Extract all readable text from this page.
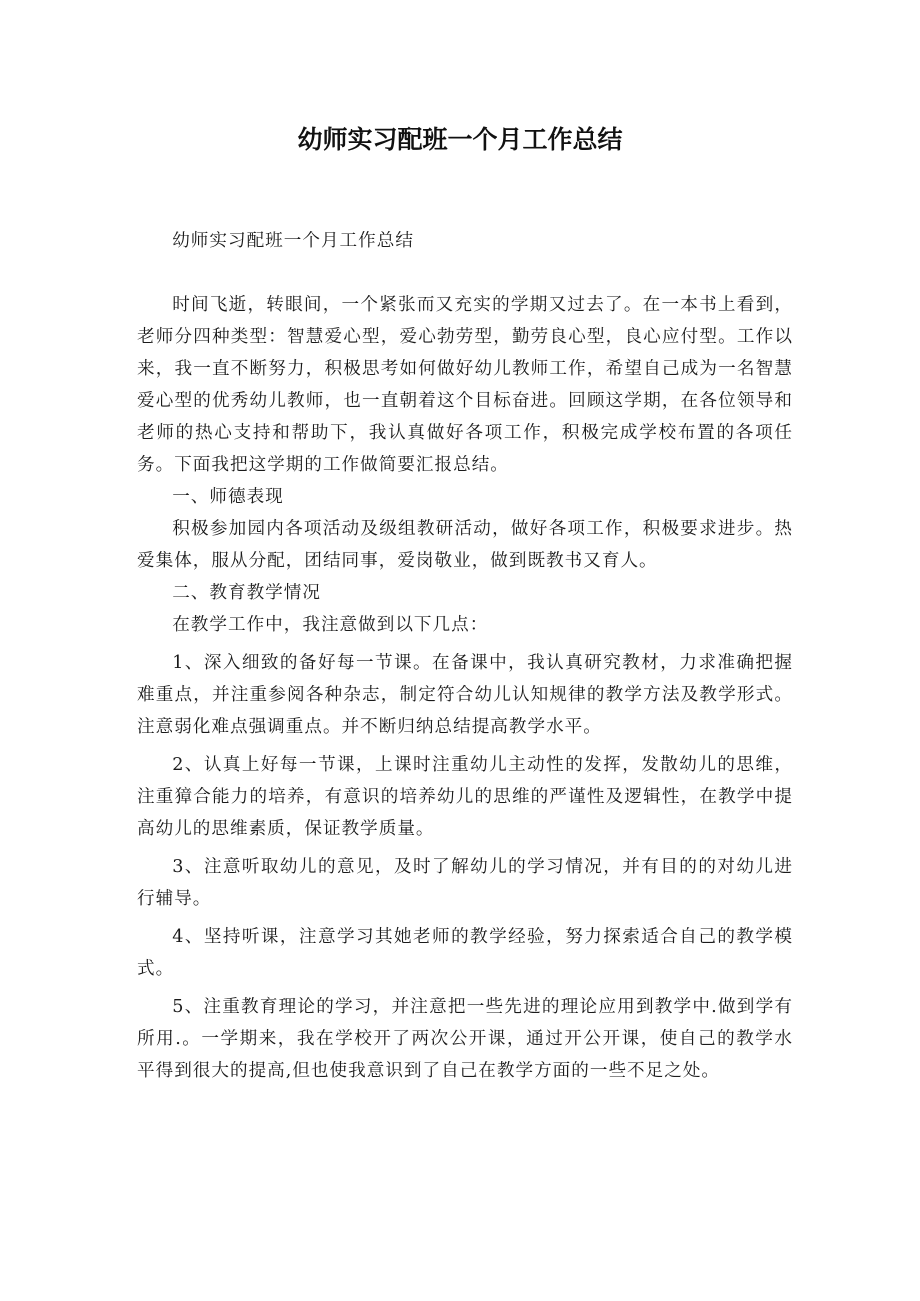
幼师实习配班一个月工作总结

幼师实习配班一个月工作总结

时间飞逝，转眼间，一个紧张而又充实的学期又过去了。在一本书上看到，老师分四种类型：智慧爱心型，爱心勃劳型，勤劳良心型，良心应付型。工作以来，我一直不断努力，积极思考如何做好幼儿教师工作，希望自己成为一名智慧爱心型的优秀幼儿教师，也一直朝着这个目标奋进。回顾这学期，在各位领导和老师的热心支持和帮助下，我认真做好各项工作，积极完成学校布置的各项任务。下面我把这学期的工作做简要汇报总结。

一、师德表现

积极参加园内各项活动及级组教研活动，做好各项工作，积极要求进步。热爱集体，服从分配，团结同事，爱岗敬业，做到既教书又育人。

二、教育教学情况

在教学工作中，我注意做到以下几点：

1、深入细致的备好每一节课。在备课中，我认真研究教材，力求准确把握难重点，并注重参阅各种杂志，制定符合幼儿认知规律的教学方法及教学形式。注意弱化难点强调重点。并不断归纳总结提高教学水平。

2、认真上好每一节课，上课时注重幼儿主动性的发挥，发散幼儿的思维，注重獐合能力的培养，有意识的培养幼儿的思维的严谨性及逻辑性，在教学中提高幼儿的思维素质，保证教学质量。

3、注意听取幼儿的意见，及时了解幼儿的学习情况，并有目的的对幼儿进行辅导。

4、坚持听课，注意学习其她老师的教学经验，努力探索适合自己的教学模式。

5、注重教育理论的学习，并注意把一些先进的理论应用到教学中.做到学有所用.。一学期来，我在学校开了两次公开课，通过开公开课，使自己的教学水平得到很大的提高,但也使我意识到了自己在教学方面的一些不足之处。
